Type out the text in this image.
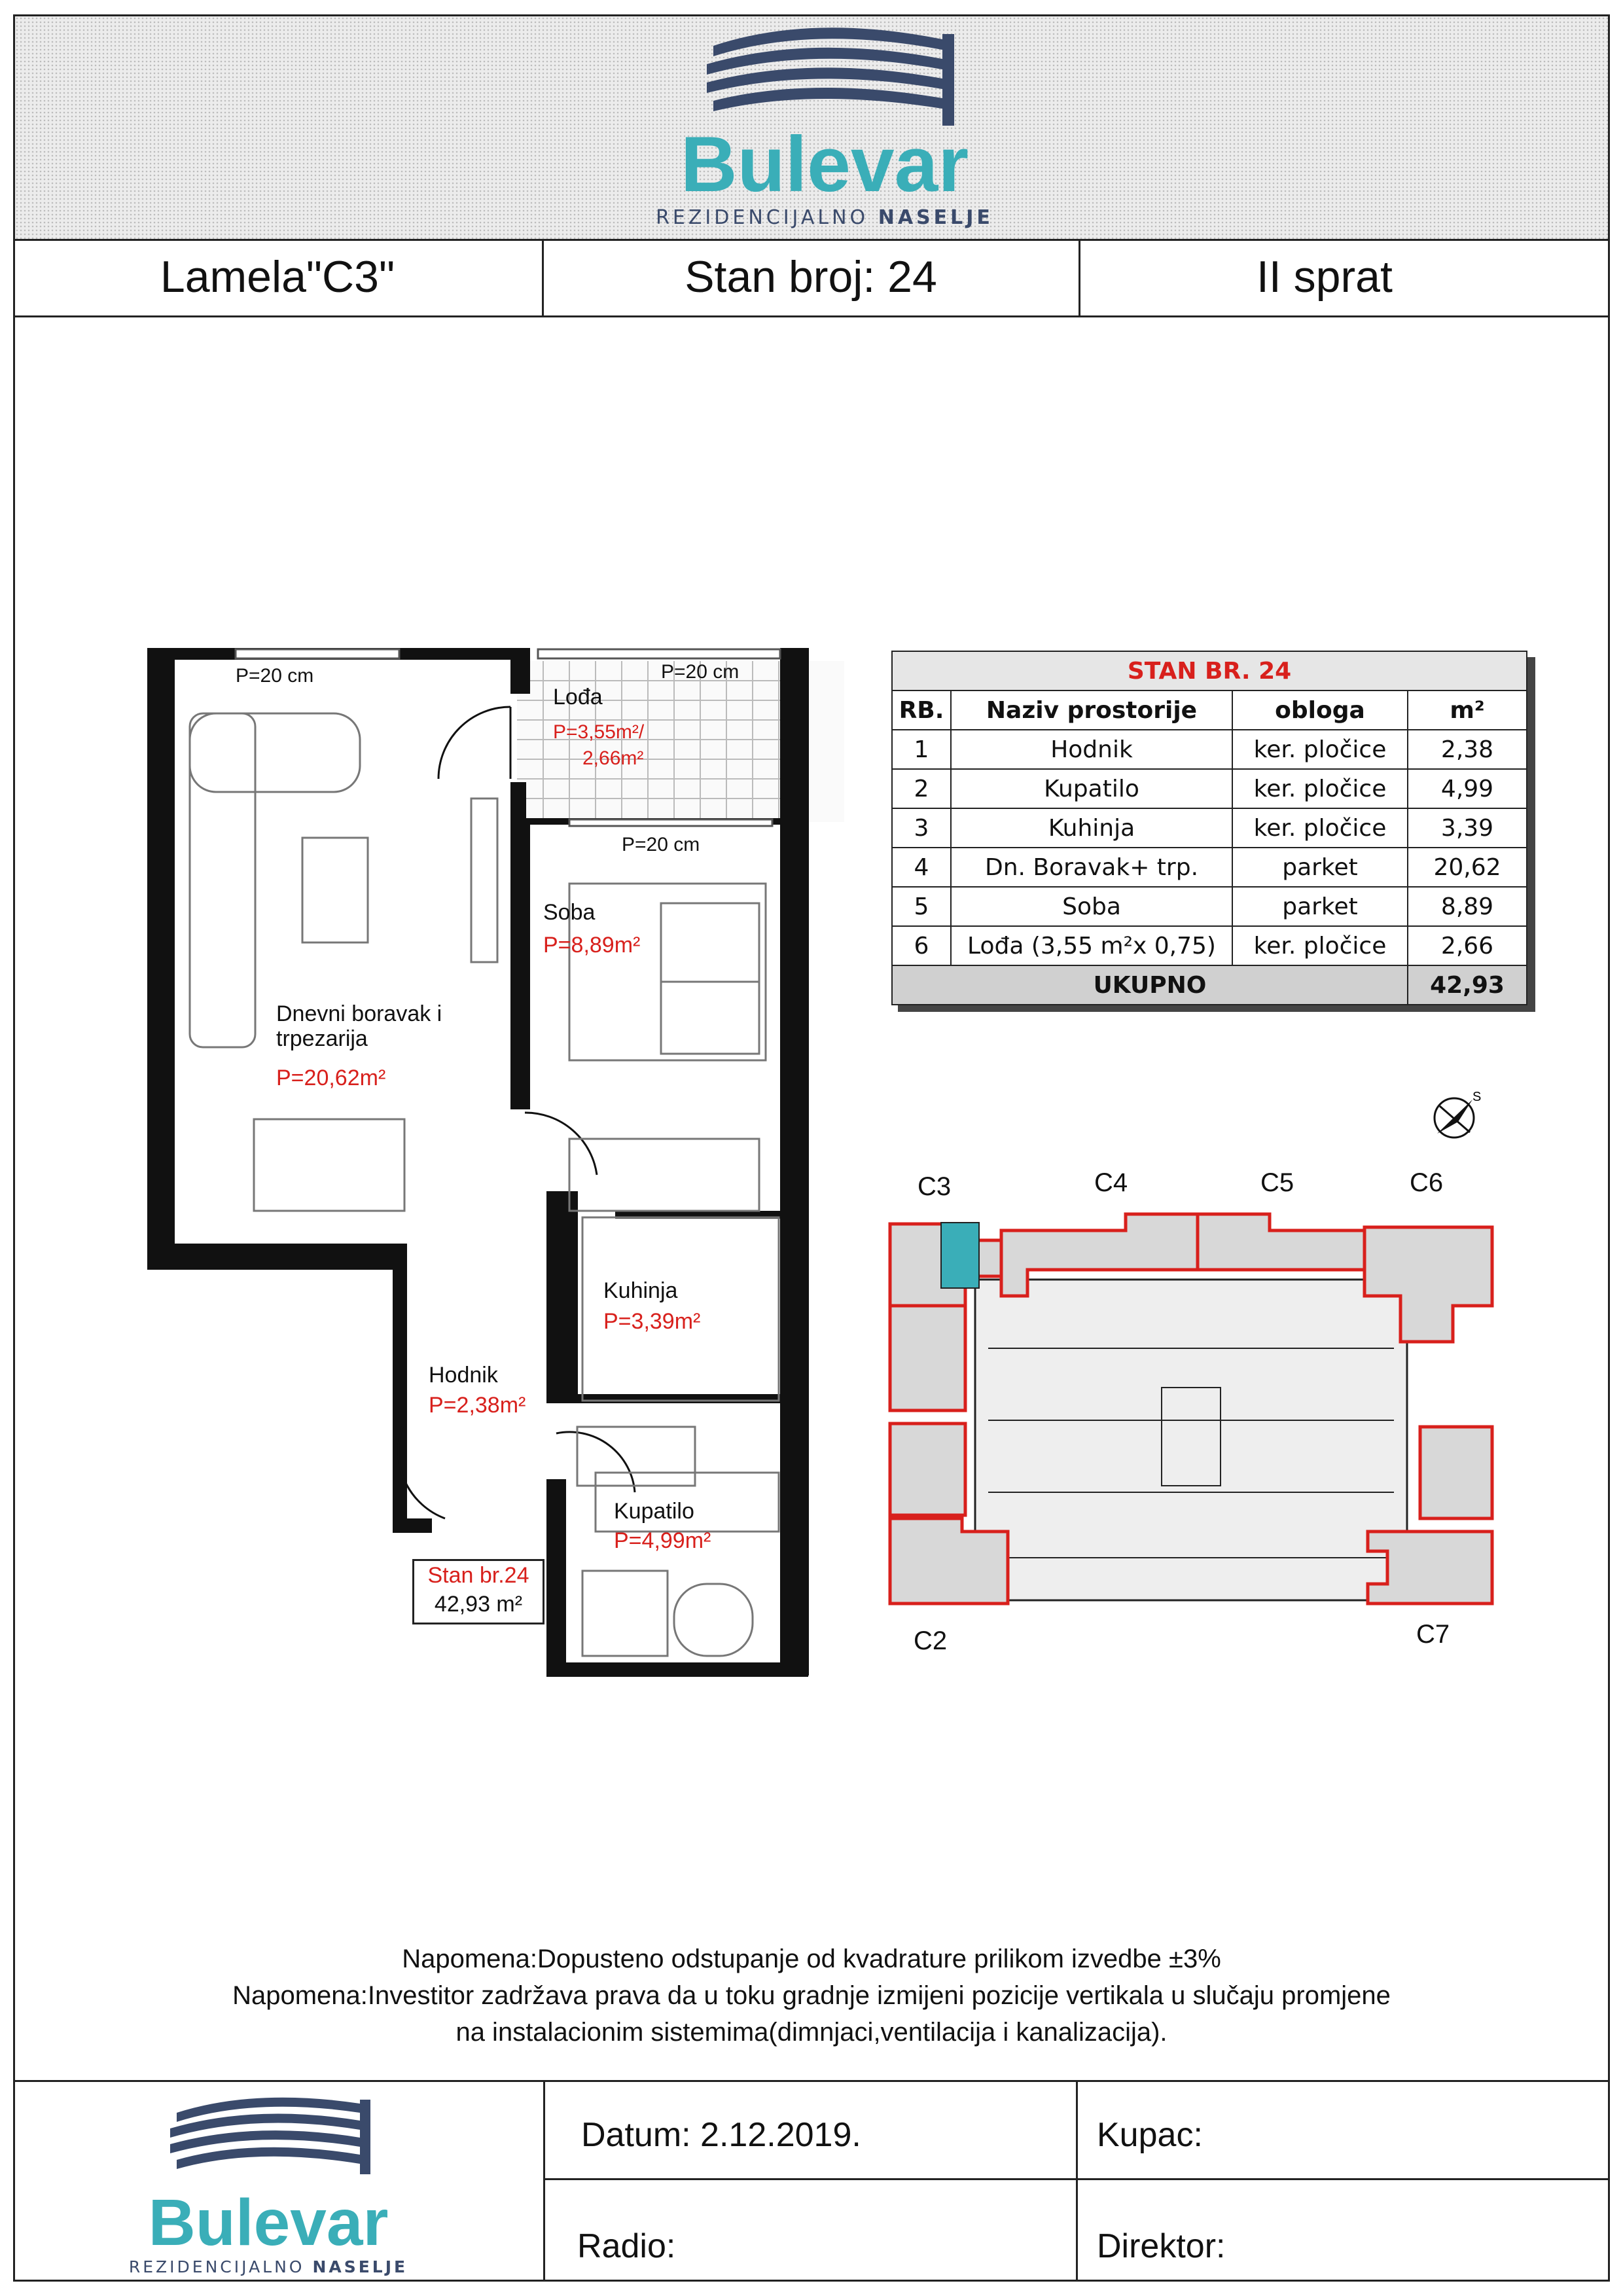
Bulevar
REZIDENCIJALNO NASELJE
Lamela"C3"	Stan broj: 24	II sprat
P=20 cm	P=20 cm
P=20 cm
Lođa
P=3,55m²/
2,66m²
Soba
P=8,89m²
Dnevni boravak i
trpezarija
P=20,62m²
Kuhinja
P=3,39m²
Hodnik
P=2,38m²
Kupatilo
P=4,99m²
Stan br.24
42,93 m²
STAN BR. 24			
RB.	Naziv prostorije	obloga	m²
1	Hodnik	ker. pločice	2,38
2	Kupatilo	ker. pločice	4,99
3	Kuhinja	ker. pločice	3,39
4	Dn. Boravak+ trp.	parket	20,62
5	Soba	parket	8,89
6	Lođa (3,55 m²x 0,75)	ker. pločice	2,66
UKUPNO			42,93
S
C3	C4	C5	C6
C2	C7
Napomena:Dopusteno odstupanje od kvadrature prilikom izvedbe ±3%
Napomena:Investitor zadržava prava da u toku gradnje izmijeni pozicije vertikala u slučaju promjene
na instalacionim sistemima(dimnjaci,ventilacija i kanalizacija).
Bulevar
REZIDENCIJALNO NASELJE
Datum: 2.12.2019.	Kupac:
Radio:	Direktor:
